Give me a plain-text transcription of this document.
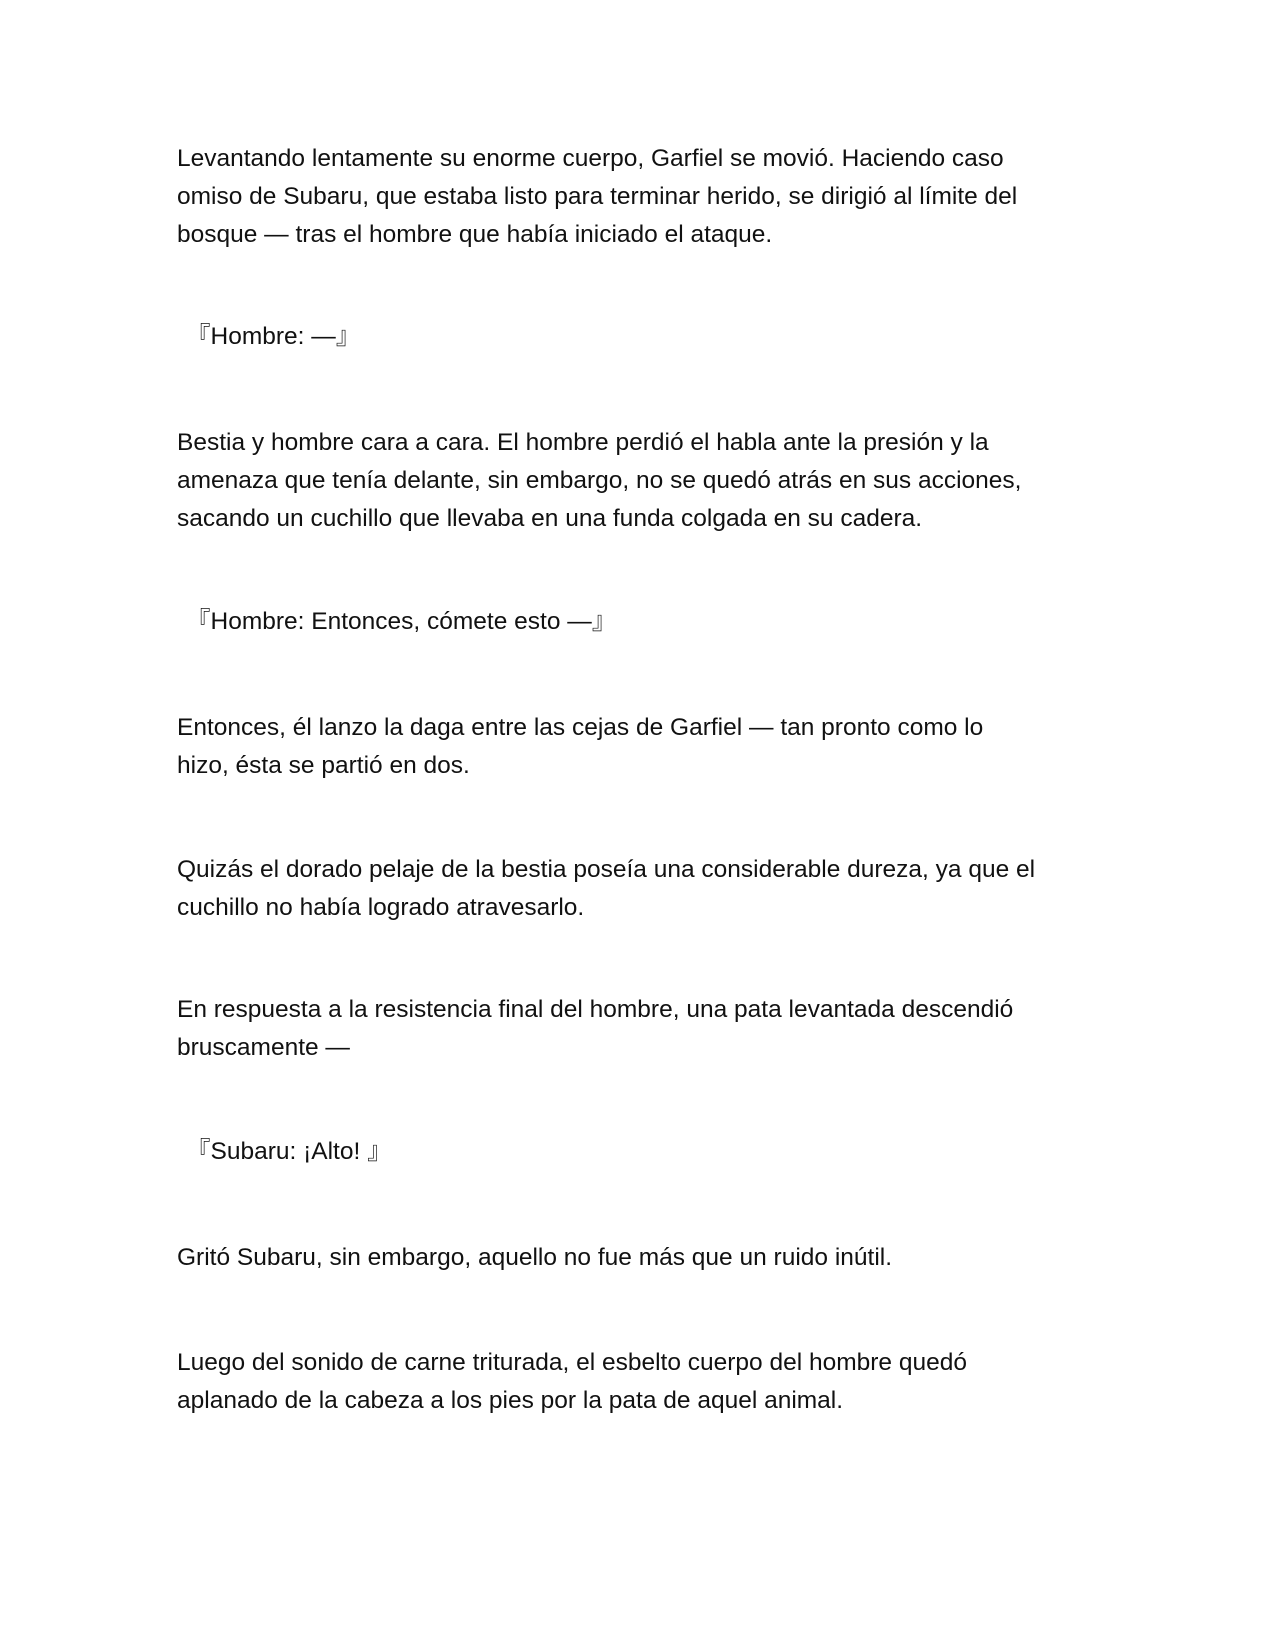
Levantando lentamente su enorme cuerpo, Garfiel se movió. Haciendo caso
omiso de Subaru, que estaba listo para terminar herido, se dirigió al límite del
bosque — tras el hombre que había iniciado el ataque.

『Hombre: —』

Bestia y hombre cara a cara. El hombre perdió el habla ante la presión y la
amenaza que tenía delante, sin embargo, no se quedó atrás en sus acciones,
sacando un cuchillo que llevaba en una funda colgada en su cadera.

『Hombre: Entonces, cómete esto —』

Entonces, él lanzo la daga entre las cejas de Garfiel — tan pronto como lo
hizo, ésta se partió en dos.

Quizás el dorado pelaje de la bestia poseía una considerable dureza, ya que el
cuchillo no había logrado atravesarlo.

En respuesta a la resistencia final del hombre, una pata levantada descendió
bruscamente —

『Subaru: ¡Alto! 』

Gritó Subaru, sin embargo, aquello no fue más que un ruido inútil.

Luego del sonido de carne triturada, el esbelto cuerpo del hombre quedó
aplanado de la cabeza a los pies por la pata de aquel animal.
